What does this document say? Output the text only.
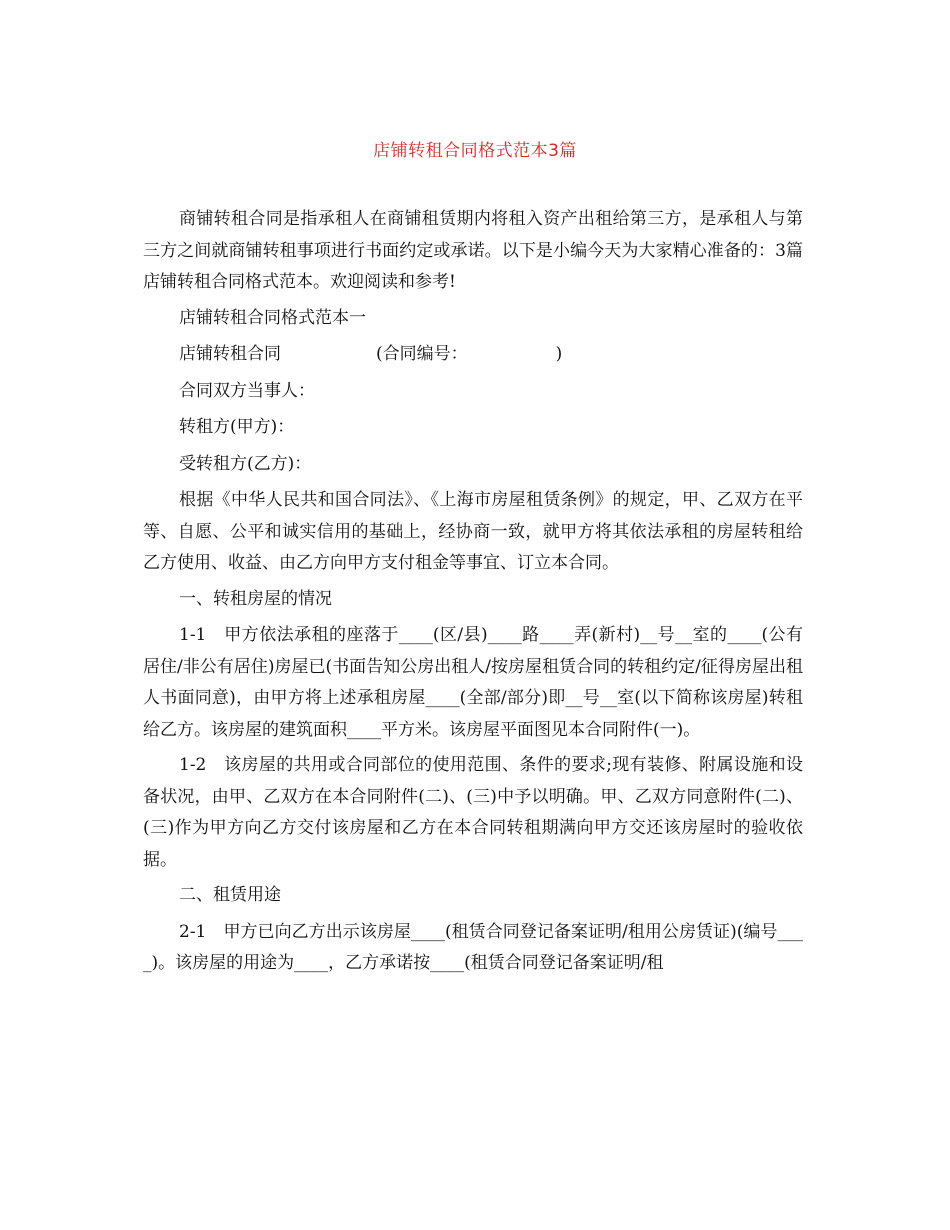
店铺转租合同格式范本3篇

商铺转租合同是指承租人在商铺租赁期内将租入资产出租给第三方，是承租人与第三方之间就商铺转租事项进行书面约定或承诺。以下是小编今天为大家精心准备的：3篇店铺转租合同格式范本。欢迎阅读和参考!

店铺转租合同格式范本一

店铺转租合同	(合同编号：	)

合同双方当事人：

转租方(甲方)：

受转租方(乙方)：

根据《中华人民共和国合同法》、《上海市房屋租赁条例》的规定，甲、乙双方在平等、自愿、公平和诚实信用的基础上，经协商一致，就甲方将其依法承租的房屋转租给乙方使用、收益、由乙方向甲方支付租金等事宜、订立本合同。

一、转租房屋的情况

1-1　甲方依法承租的座落于____(区/县)____路____弄(新村)__号__室的____(公有居住/非公有居住)房屋已(书面告知公房出租人/按房屋租赁合同的转租约定/征得房屋出租人书面同意)，由甲方将上述承租房屋____(全部/部分)即__号__室(以下简称该房屋)转租给乙方。该房屋的建筑面积____平方米。该房屋平面图见本合同附件(一)。

1-2　该房屋的共用或合同部位的使用范围、条件的要求;现有装修、附属设施和设备状况，由甲、乙双方在本合同附件(二)、(三)中予以明确。甲、乙双方同意附件(二)、(三)作为甲方向乙方交付该房屋和乙方在本合同转租期满向甲方交还该房屋时的验收依据。

二、租赁用途

2-1　甲方已向乙方出示该房屋____(租赁合同登记备案证明/租用公房赁证)(编号____)。该房屋的用途为____，乙方承诺按____(租赁合同登记备案证明/租
